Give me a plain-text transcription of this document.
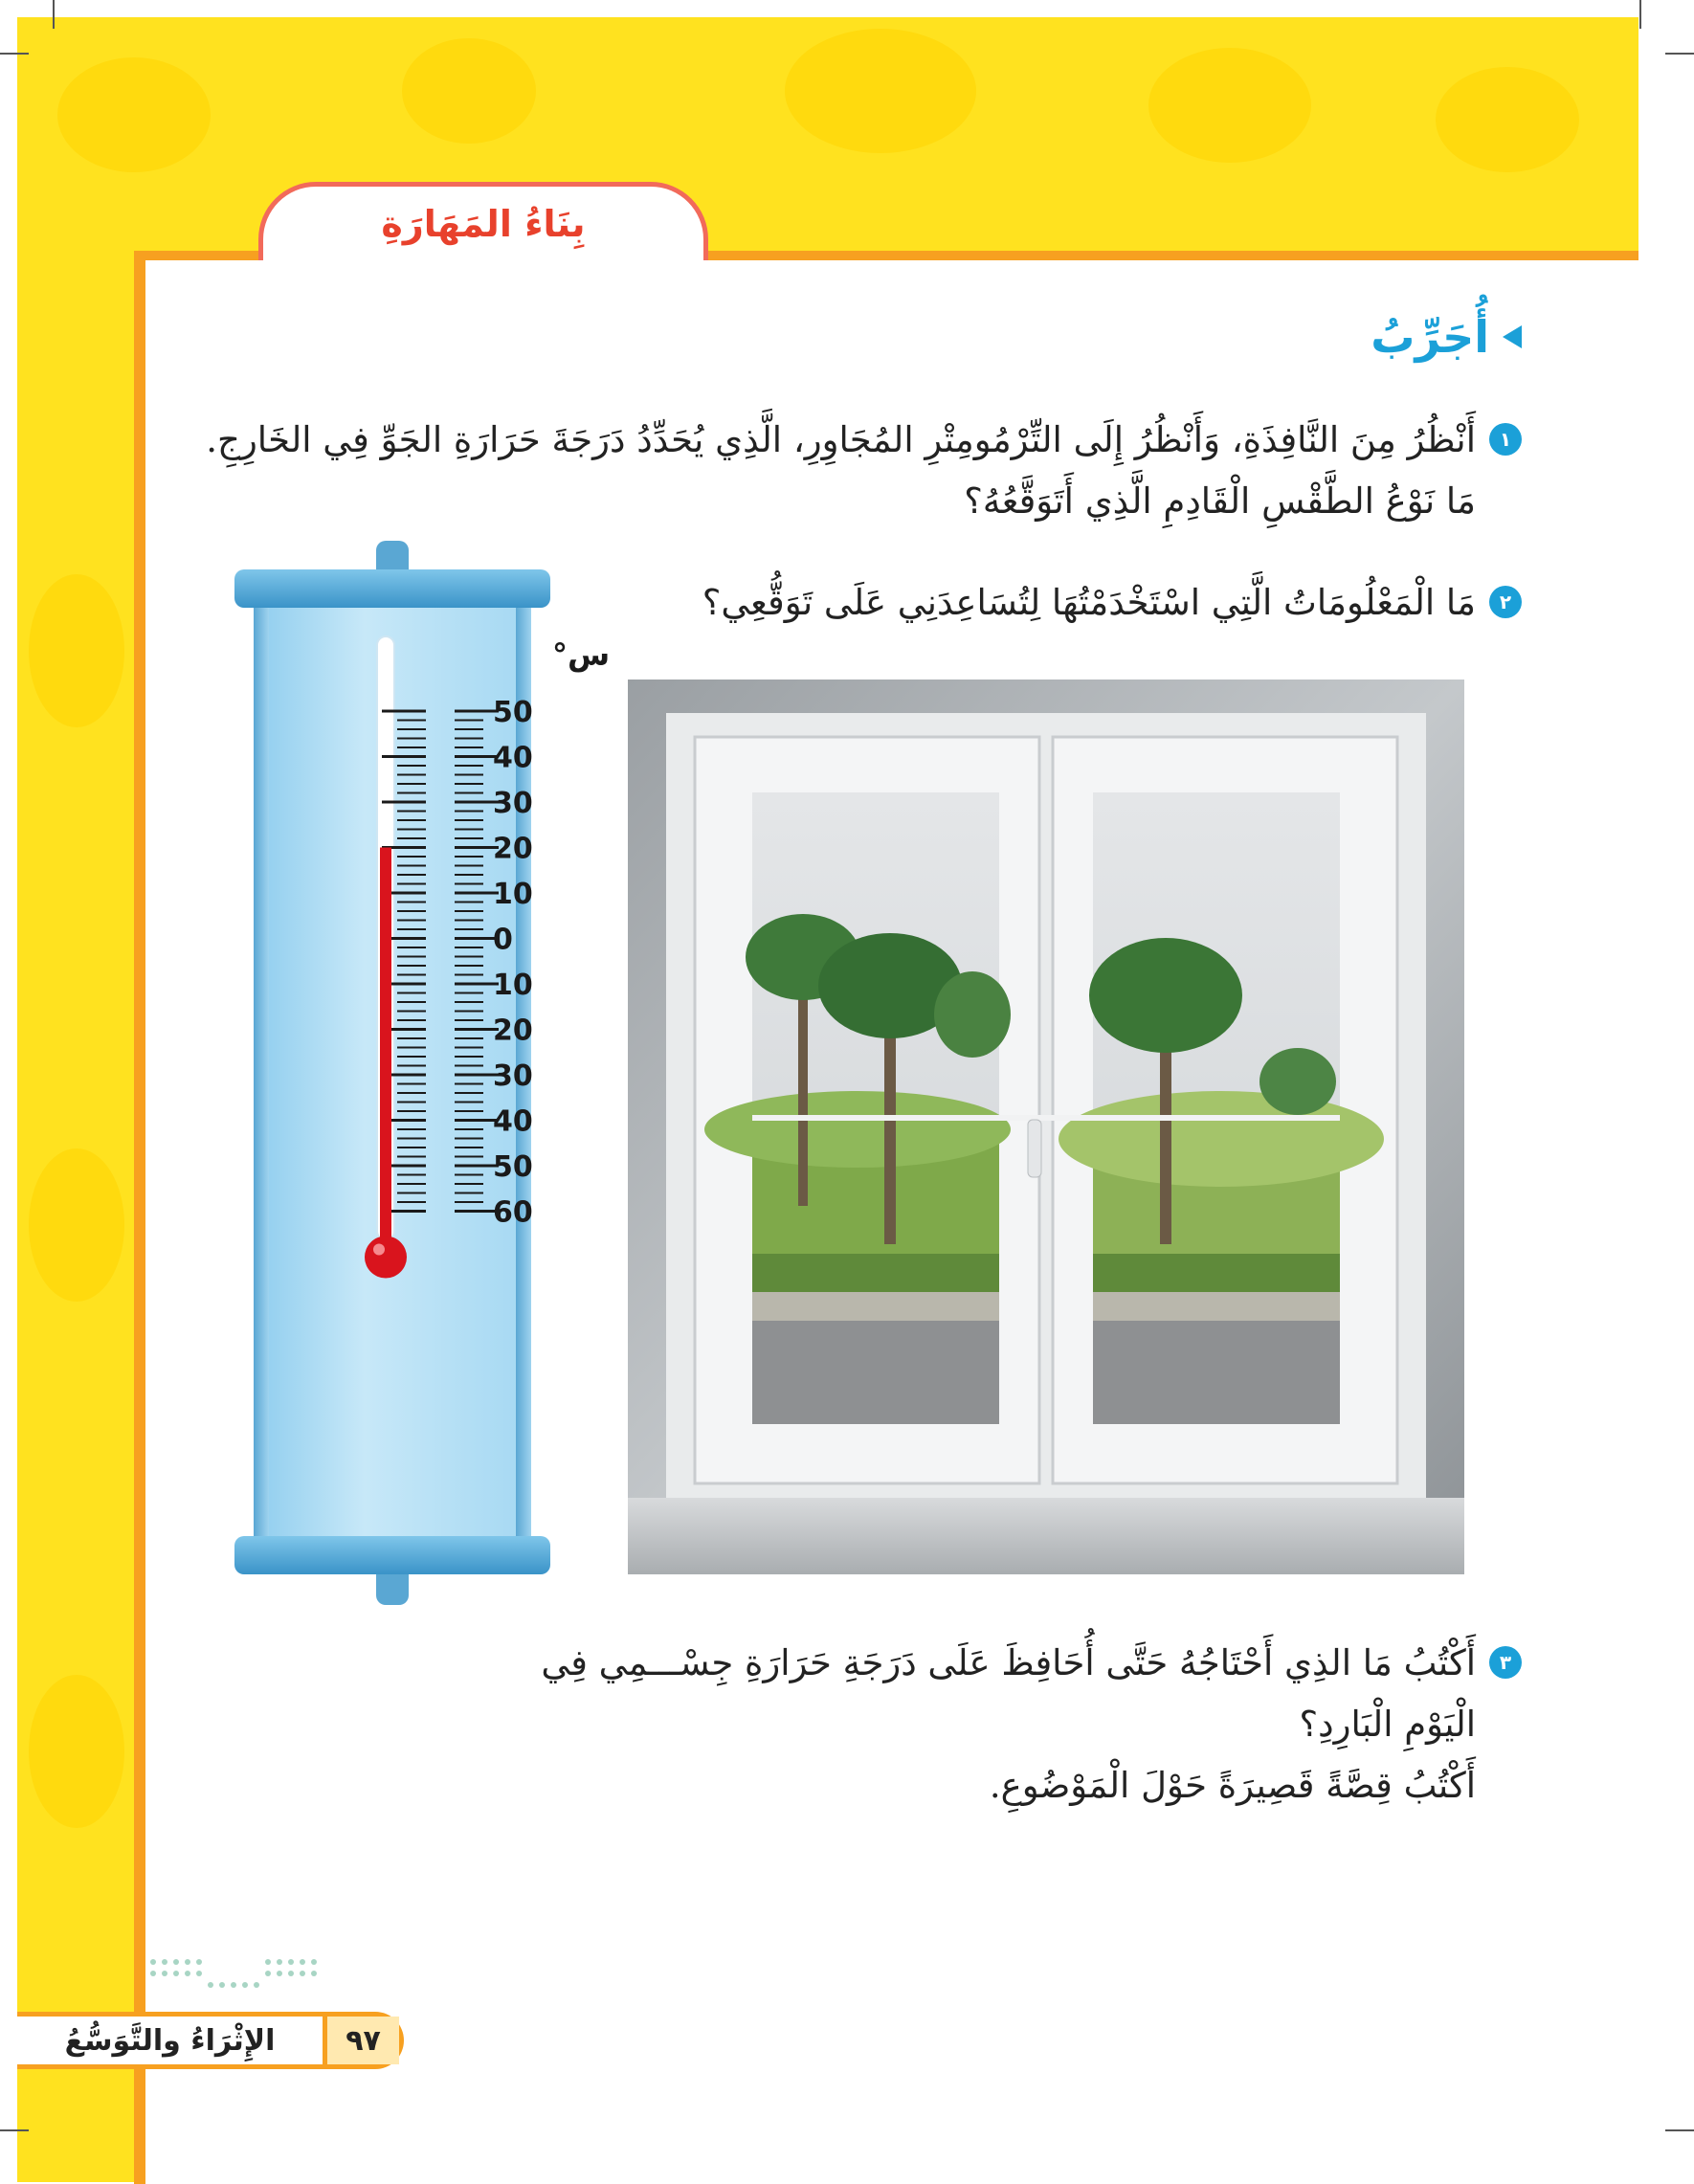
بِنَاءُ المَهَارَةِ
أُجَرِّبُ
١
أَنْظُرُ مِنَ النَّافِذَةِ، وَأَنْظُرُ إِلَى التِّرْمُومِتْرِ المُجَاوِرِ، الَّذِي يُحَدِّدُ دَرَجَةَ حَرَارَةِ الجَوِّ فِي الخَارِجِ.
مَا نَوْعُ الطَّقْسِ الْقَادِمِ الَّذِي أَتَوَقَّعُهُ؟
٢
مَا الْمَعْلُومَاتُ الَّتِي اسْتَخْدَمْتُهَا لِتُسَاعِدَنِي عَلَى تَوَقُّعِي؟
٣
أَكْتُبُ مَا الذِي أَحْتَاجُهُ حَتَّى أُحَافِظَ عَلَى دَرَجَةِ حَرَارَةِ جِسْـــمِي فِي
الْيَوْمِ الْبَارِدِ؟
أَكْتُبُ قِصَّةً قَصِيرَةً حَوْلَ الْمَوْضُوعِ.
°س
50
40
30
20
10
0
10
20
30
40
50
60
٩٧
الإِثْرَاءُ والتَّوَسُّعُ
